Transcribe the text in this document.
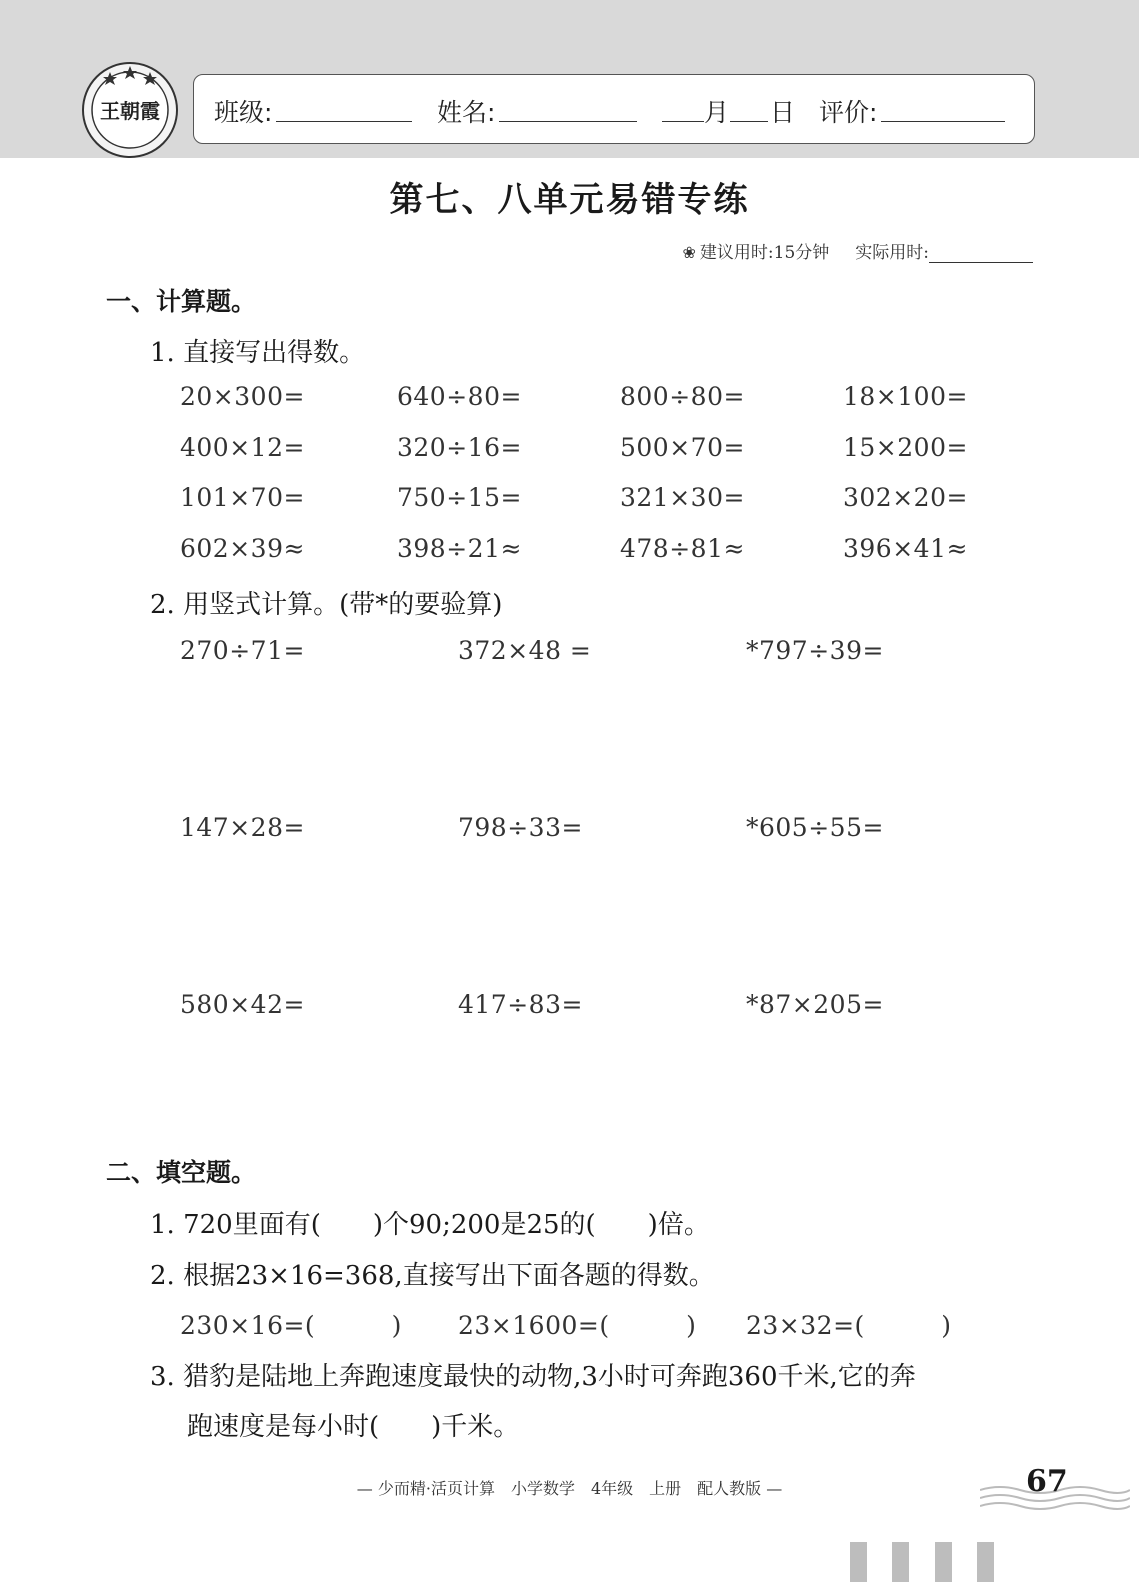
王朝霞 班级:	姓名:	月 日 评价:
第七、八单元易错专练
❀ 建议用时:15分钟 实际用时:
一、计算题。
1. 直接写出得数。
20×300=	640÷80=	800÷80=	18×100=
400×12=	320÷16=	500×70=	15×200=
101×70=	750÷15=	321×30=	302×20=
602×39≈	398÷21≈	478÷81≈	396×41≈
2. 用竖式计算。(带*的要验算)
270÷71=	372×48 =	*797÷39=
147×28=	798÷33=	*605÷55=
580×42=	417÷83=	*87×205=
二、填空题。
1. 720里面有(　　)个90;200是25的(　　)倍。
2. 根据23×16=368,直接写出下面各题的得数。
230×16=(　　　) 23×1600=(　　　) 23×32=(　　　)
3. 猎豹是陆地上奔跑速度最快的动物,3小时可奔跑360千米,它的奔
跑速度是每小时(　　)千米。
— 少而精·活页计算　小学数学　4年级　上册　配人教版 —	67
